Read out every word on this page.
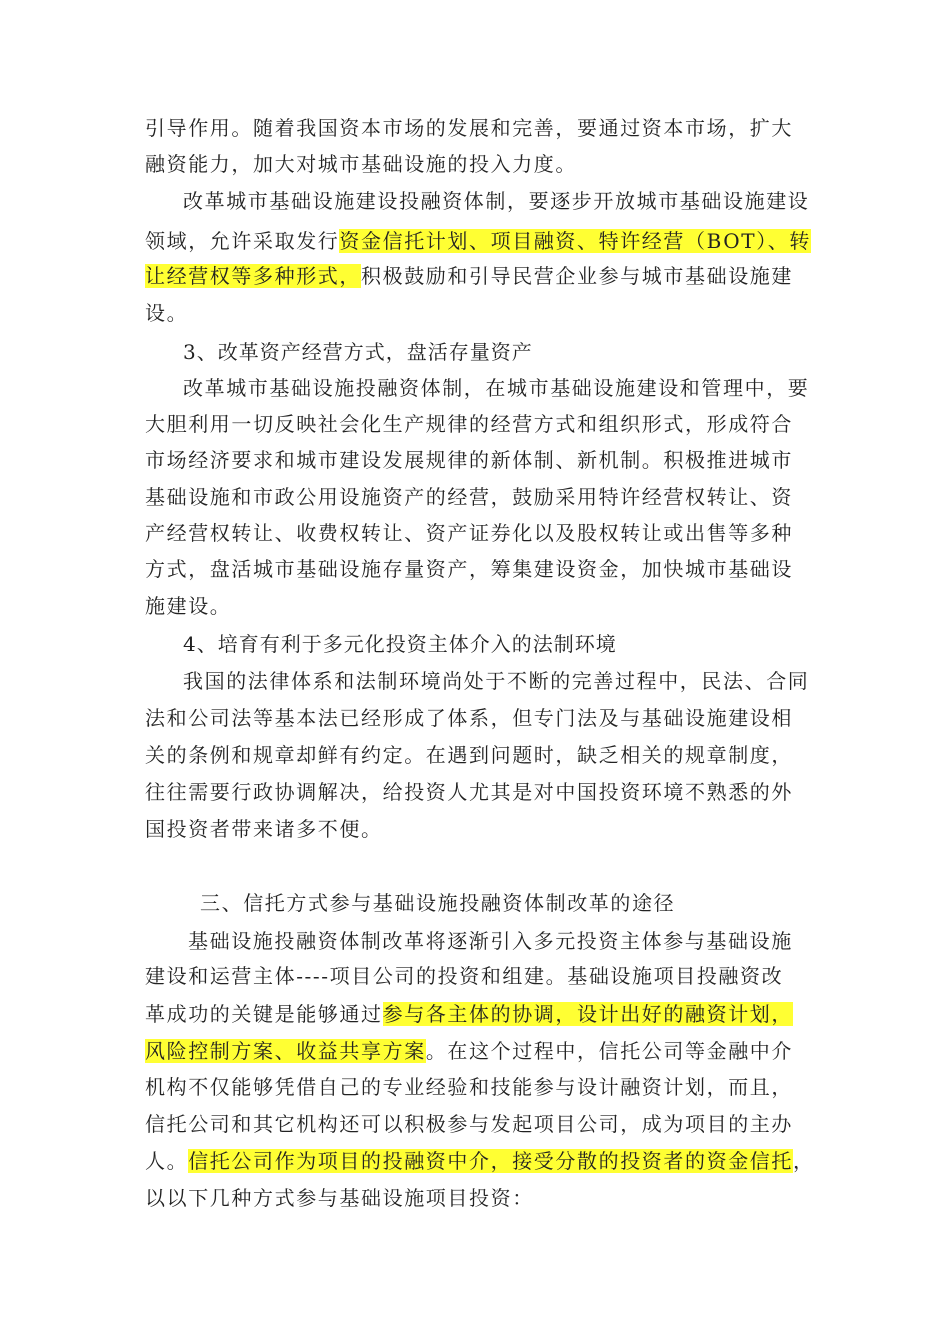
引导作用。随着我国资本市场的发展和完善，要通过资本市场，扩大
融资能力，加大对城市基础设施的投入力度。
改革城市基础设施建设投融资体制，要逐步开放城市基础设施建设
领域，允许采取发行资金信托计划、项目融资、特许经营（BOT）、转
让经营权等多种形式，积极鼓励和引导民营企业参与城市基础设施建
设。
3、改革资产经营方式，盘活存量资产
改革城市基础设施投融资体制，在城市基础设施建设和管理中，要
大胆利用一切反映社会化生产规律的经营方式和组织形式，形成符合
市场经济要求和城市建设发展规律的新体制、新机制。积极推进城市
基础设施和市政公用设施资产的经营，鼓励采用特许经营权转让、资
产经营权转让、收费权转让、资产证券化以及股权转让或出售等多种
方式，盘活城市基础设施存量资产，筹集建设资金，加快城市基础设
施建设。
4、培育有利于多元化投资主体介入的法制环境
我国的法律体系和法制环境尚处于不断的完善过程中，民法、合同
法和公司法等基本法已经形成了体系，但专门法及与基础设施建设相
关的条例和规章却鲜有约定。在遇到问题时，缺乏相关的规章制度，
往往需要行政协调解决，给投资人尤其是对中国投资环境不熟悉的外
国投资者带来诸多不便。
三、信托方式参与基础设施投融资体制改革的途径
基础设施投融资体制改革将逐渐引入多元投资主体参与基础设施
建设和运营主体----项目公司的投资和组建。基础设施项目投融资改
革成功的关键是能够通过参与各主体的协调，设计出好的融资计划，
风险控制方案、收益共享方案。在这个过程中，信托公司等金融中介
机构不仅能够凭借自己的专业经验和技能参与设计融资计划，而且，
信托公司和其它机构还可以积极参与发起项目公司，成为项目的主办
人。信托公司作为项目的投融资中介，接受分散的投资者的资金信托，
以以下几种方式参与基础设施项目投资：
